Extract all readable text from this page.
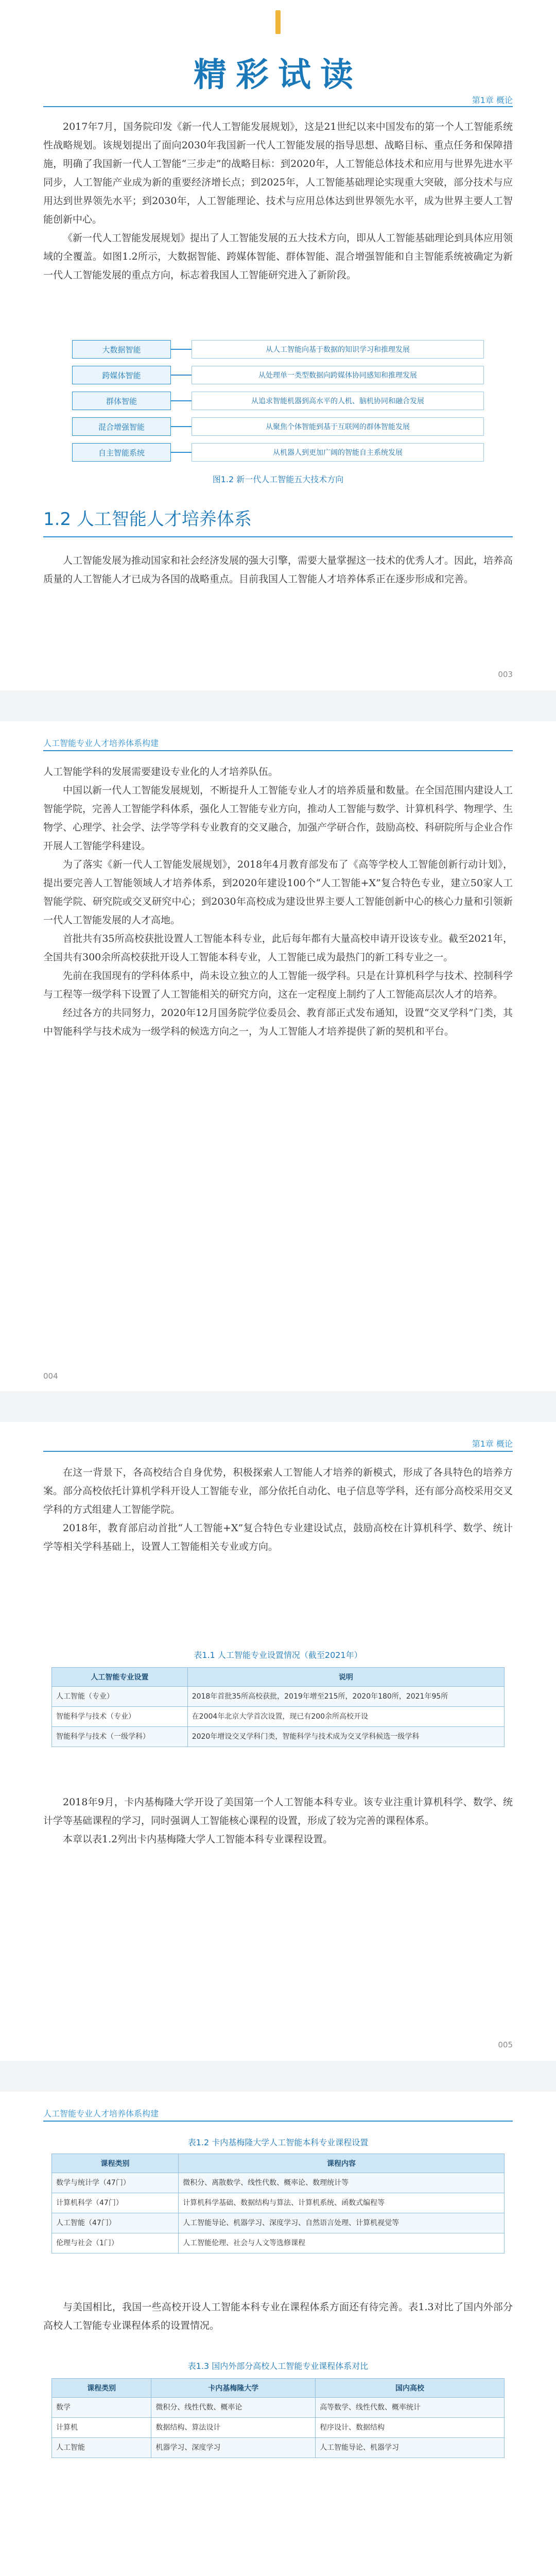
精彩试读
第1章 概论

2017年7月，国务院印发《新一代人工智能发展规划》，这是21世纪以来中国发布的第一个人工智能系统性战略规划。该规划提出了面向2030年我国新一代人工智能发展的指导思想、战略目标、重点任务和保障措施，明确了我国新一代人工智能“三步走”的战略目标：到2020年，人工智能总体技术和应用与世界先进水平同步，人工智能产业成为新的重要经济增长点；到2025年，人工智能基础理论实现重大突破，部分技术与应用达到世界领先水平；到2030年，人工智能理论、技术与应用总体达到世界领先水平，成为世界主要人工智能创新中心。

《新一代人工智能发展规划》提出了人工智能发展的五大技术方向，即从人工智能基础理论到具体应用领域的全覆盖。如图1.2所示，大数据智能、跨媒体智能、群体智能、混合增强智能和自主智能系统被确定为新一代人工智能发展的重点方向，标志着我国人工智能研究进入了新阶段。

大数据智能	从人工智能向基于数据的知识学习和推理发展
跨媒体智能	从处理单一类型数据向跨媒体协同感知和推理发展
群体智能	从追求智能机器到高水平的人机、脑机协同和融合发展
混合增强智能	从聚焦个体智能到基于互联网的群体智能发展
自主智能系统	从机器人到更加广阔的智能自主系统发展
图1.2 新一代人工智能五大技术方向
1.2 人工智能人才培养体系

人工智能发展为推动国家和社会经济发展的强大引擎，需要大量掌握这一技术的优秀人才。因此，培养高质量的人工智能人才已成为各国的战略重点。目前我国人工智能人才培养体系正在逐步形成和完善。

003
人工智能专业人才培养体系构建

人工智能学科的发展需要建设专业化的人才培养队伍。

中国以新一代人工智能发展规划，不断提升人工智能专业人才的培养质量和数量。在全国范围内建设人工智能学院，完善人工智能学科体系，强化人工智能专业方向，推动人工智能与数学、计算机科学、物理学、生物学、心理学、社会学、法学等学科专业教育的交叉融合，加强产学研合作，鼓励高校、科研院所与企业合作开展人工智能学科建设。

为了落实《新一代人工智能发展规划》，2018年4月教育部发布了《高等学校人工智能创新行动计划》，提出要完善人工智能领域人才培养体系，到2020年建设100个“人工智能+X”复合特色专业，建立50家人工智能学院、研究院或交叉研究中心；到2030年高校成为建设世界主要人工智能创新中心的核心力量和引领新一代人工智能发展的人才高地。

首批共有35所高校获批设置人工智能本科专业，此后每年都有大量高校申请开设该专业。截至2021年，全国共有300余所高校获批开设人工智能本科专业，人工智能已成为最热门的新工科专业之一。

先前在我国现有的学科体系中，尚未设立独立的人工智能一级学科。只是在计算机科学与技术、控制科学与工程等一级学科下设置了人工智能相关的研究方向，这在一定程度上制约了人工智能高层次人才的培养。

经过各方的共同努力，2020年12月国务院学位委员会、教育部正式发布通知，设置“交叉学科”门类，其中智能科学与技术成为一级学科的候选方向之一，为人工智能人才培养提供了新的契机和平台。

004
第1章 概论

在这一背景下，各高校结合自身优势，积极探索人工智能人才培养的新模式，形成了各具特色的培养方案。部分高校依托计算机学科开设人工智能专业，部分依托自动化、电子信息等学科，还有部分高校采用交叉学科的方式组建人工智能学院。

2018年，教育部启动首批“人工智能+X”复合特色专业建设试点，鼓励高校在计算机科学、数学、统计学等相关学科基础上，设置人工智能相关专业或方向。

表1.1 人工智能专业设置情况（截至2021年）
人工智能专业设置	说明
人工智能（专业）	2018年首批35所高校获批，2019年增至215所，2020年180所，2021年95所
智能科学与技术（专业）	在2004年北京大学首次设置，现已有200余所高校开设
智能科学与技术（一级学科）	2020年增设交叉学科门类，智能科学与技术成为交叉学科候选一级学科

2018年9月，卡内基梅隆大学开设了美国第一个人工智能本科专业。该专业注重计算机科学、数学、统计学等基础课程的学习，同时强调人工智能核心课程的设置，形成了较为完善的课程体系。

本章以表1.2列出卡内基梅隆大学人工智能本科专业课程设置。

005
人工智能专业人才培养体系构建
表1.2 卡内基梅隆大学人工智能本科专业课程设置
课程类别	课程内容
数学与统计学（47门）	微积分、离散数学、线性代数、概率论、数理统计等
计算机科学（47门）	计算机科学基础、数据结构与算法、计算机系统、函数式编程等
人工智能（47门）	人工智能导论、机器学习、深度学习、自然语言处理、计算机视觉等
伦理与社会（1门）	人工智能伦理、社会与人文等选修课程

与美国相比，我国一些高校开设人工智能本科专业在课程体系方面还有待完善。表1.3对比了国内外部分高校人工智能专业课程体系的设置情况。

表1.3 国内外部分高校人工智能专业课程体系对比
课程类别	卡内基梅隆大学	国内高校
数学	微积分、线性代数、概率论	高等数学、线性代数、概率统计
计算机	数据结构、算法设计	程序设计、数据结构
人工智能	机器学习、深度学习	人工智能导论、机器学习
